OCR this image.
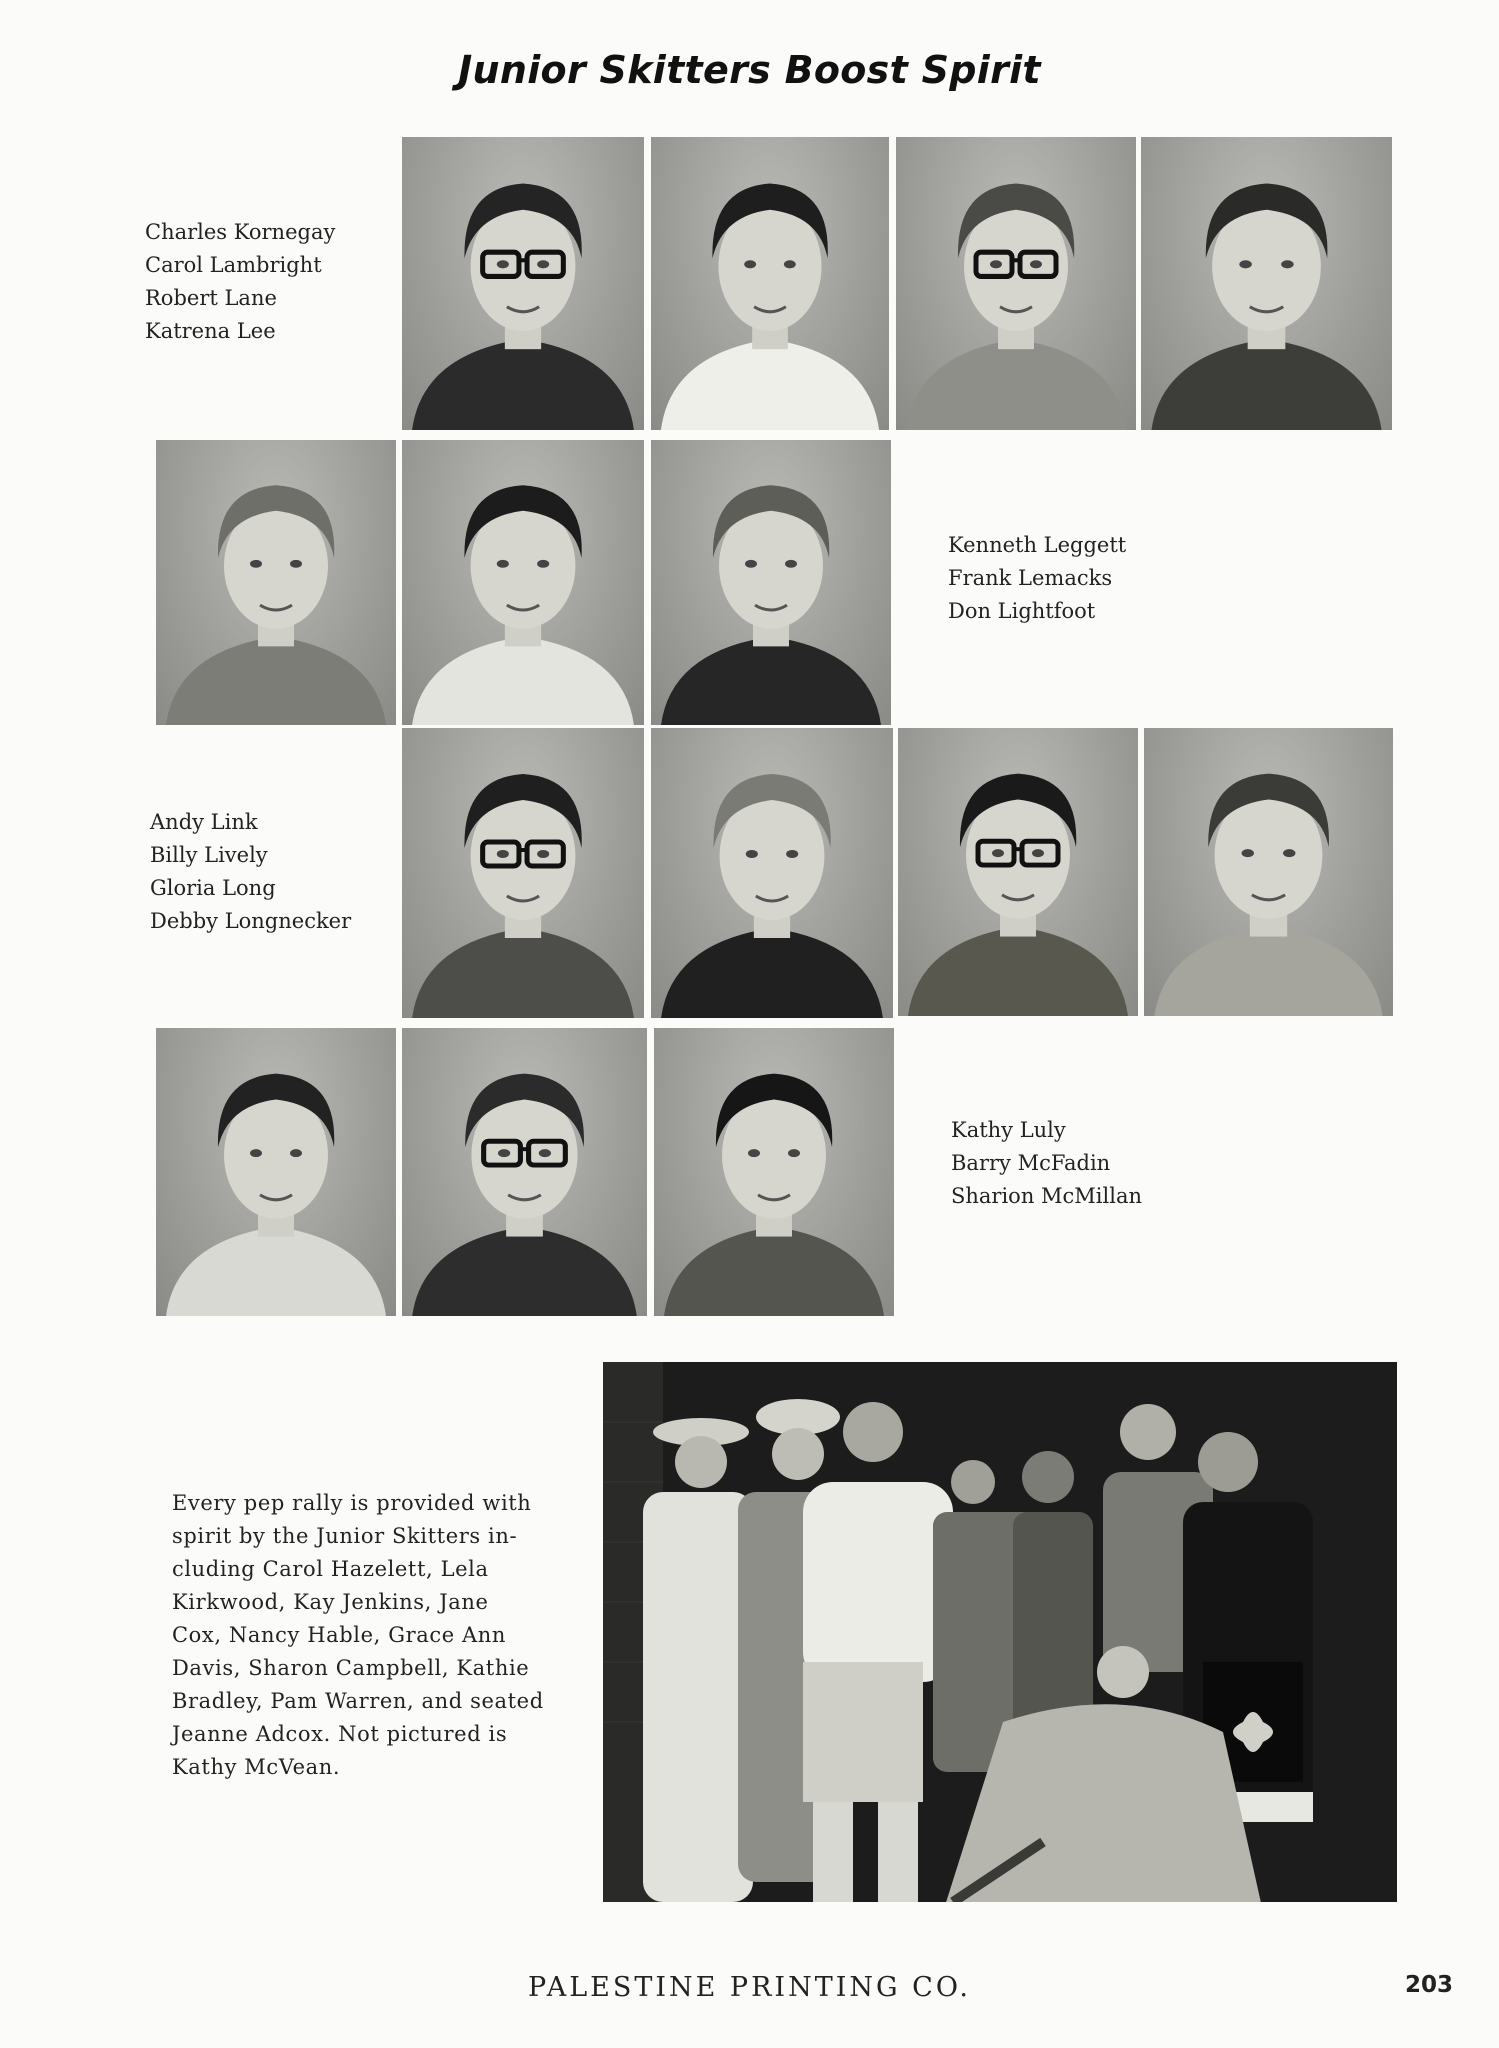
Junior Skitters Boost Spirit
Charles Kornegay
Carol Lambright
Robert Lane
Katrena Lee
Kenneth Leggett
Frank Lemacks
Don Lightfoot
Andy Link
Billy Lively
Gloria Long
Debby Longnecker
Kathy Luly
Barry McFadin
Sharion McMillan
Every pep rally is provided with
spirit by the Junior Skitters in-
cluding Carol Hazelett, Lela
Kirkwood, Kay Jenkins, Jane
Cox, Nancy Hable, Grace Ann
Davis, Sharon Campbell, Kathie
Bradley, Pam Warren, and seated
Jeanne Adcox. Not pictured is
Kathy McVean.
PALESTINE PRINTING CO.	203
